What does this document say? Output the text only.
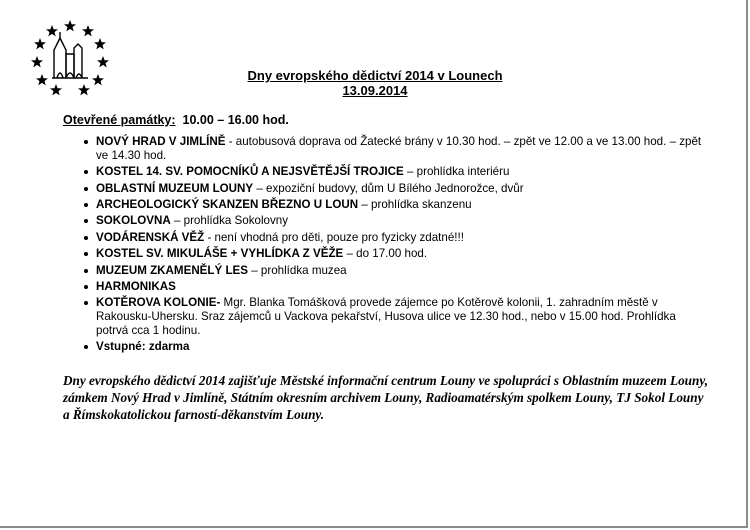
Dny evropského dědictví 2014 v Lounech
13.09.2014
Otevřené památky: 10.00 – 16.00 hod.
NOVÝ HRAD V JIMLÍNĚ - autobusová doprava od Žatecké brány v 10.30 hod. – zpět ve 12.00 a ve 13.00 hod. – zpět ve 14.30 hod.
KOSTEL 14. SV. POMOCNÍKŮ A NEJSVĚTĚJŠÍ TROJICE – prohlídka interiéru
OBLASTNÍ MUZEUM LOUNY – expoziční budovy, dům U Bílého Jednorožce, dvůr
ARCHEOLOGICKÝ SKANZEN BŘEZNO U LOUN – prohlídka skanzenu
SOKOLOVNA – prohlídka Sokolovny
VODÁRENSKÁ VĚŽ - není vhodná pro děti, pouze pro fyzicky zdatné!!!
KOSTEL SV. MIKULÁŠE + VYHLÍDKA Z VĚŽE – do 17.00 hod.
MUZEUM ZKAMENĚLÝ LES – prohlídka muzea
HARMONIKAS
KOTĚROVA KOLONIE- Mgr. Blanka Tomášková provede zájemce po Kotěrově kolonii, 1. zahradním městě v Rakousku-Uhersku. Sraz zájemců u Vackova pekařství, Husova ulice ve 12.30 hod., nebo v 15.00 hod. Prohlídka potrvá cca 1 hodinu.
Vstupné: zdarma
Dny evropského dědictví 2014 zajišťuje Městské informační centrum Louny ve spolupráci s Oblastním muzeem Louny, zámkem Nový Hrad v Jimlíně, Státním okresním archivem Louny, Radioamatérským spolkem Louny, TJ Sokol Louny a Římskokatolickou farností-děkanstvím Louny.
